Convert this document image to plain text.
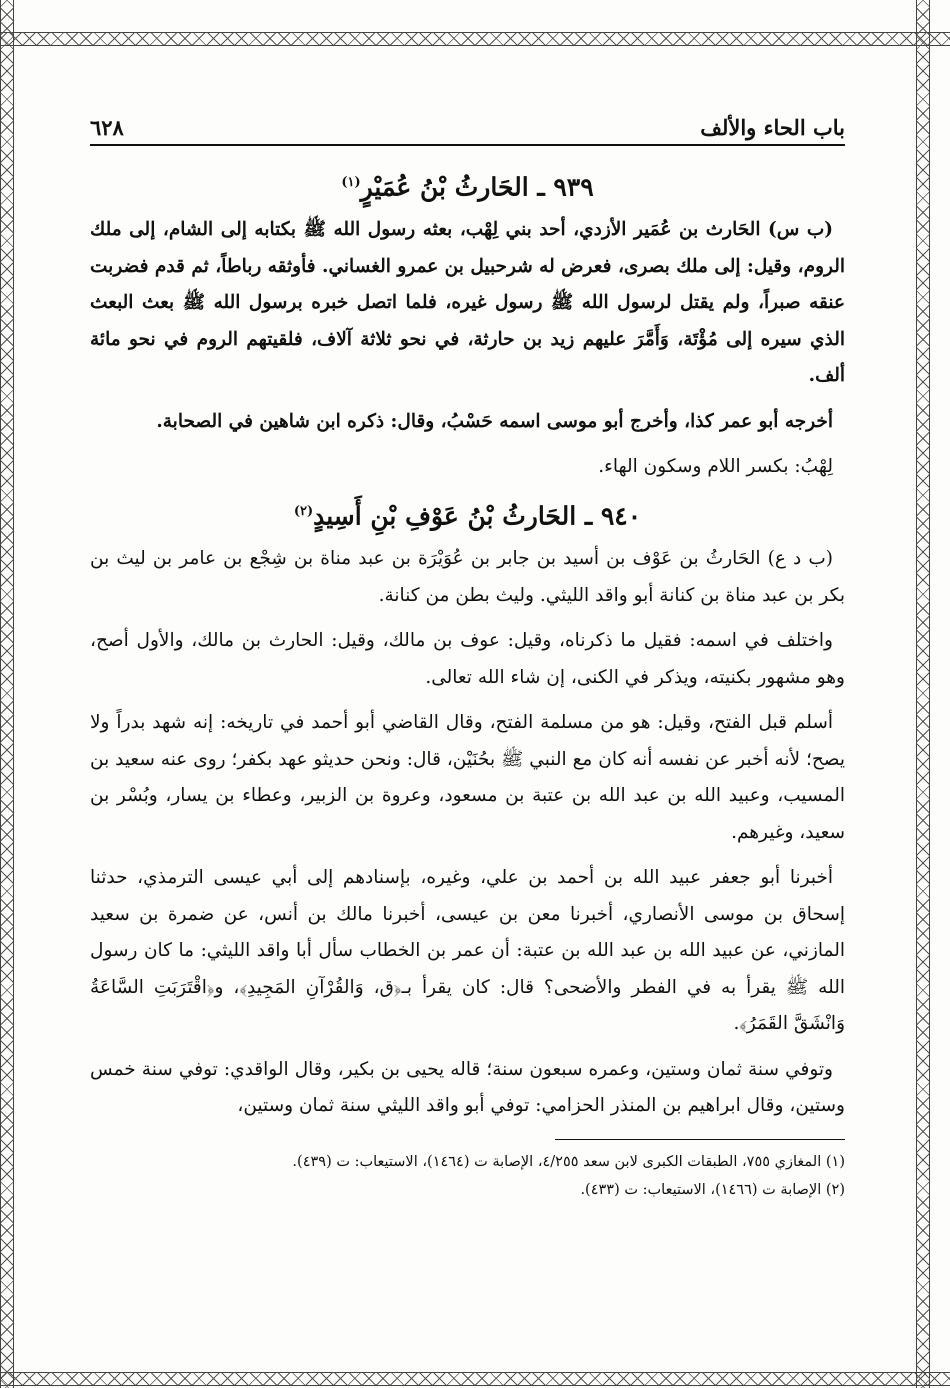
باب الحاء والألف
٦٢٨
٩٣٩ ـ الحَارثُ بْنُ عُمَيْرٍ$^{(١)}$

(ب س) الحَارث بن عُمَير الأزدي، أحد بني لِهْب، بعثه رسول الله ﷺ بكتابه إلى الشام، إلى ملك الروم، وقيل: إلى ملك بصرى، فعرض له شرحبيل بن عمرو الغساني. فأوثقه رباطاً، ثم قدم فضربت عنقه صبراً، ولم يقتل لرسول الله ﷺ رسول غيره، فلما اتصل خبره برسول الله ﷺ بعث البعث الذي سيره إلى مُؤْتَة، وَأَمَّرَ عليهم زيد بن حارثة، في نحو ثلاثة آلاف، فلقيتهم الروم في نحو مائة ألف.

أخرجه أبو عمر كذا، وأخرج أبو موسى اسمه حَسْبُ، وقال: ذكره ابن شاهين في الصحابة.

لِهْبُ: بكسر اللام وسكون الهاء.

٩٤٠ ـ الحَارثُ بْنُ عَوْفِ بْنِ أَسِيدٍ$^{(٢)}$

(ب د ع) الحَارثُ بن عَوْف بن أسيد بن جابر بن عُوَيْرَة بن عبد مناة بن شِجْع بن عامر بن ليث بن بكر بن عبد مناة بن كنانة أبو واقد الليثي. وليث بطن من كنانة.

واختلف في اسمه: فقيل ما ذكرناه، وقيل: عوف بن مالك، وقيل: الحارث بن مالك، والأول أصح، وهو مشهور بكنيته، ويذكر في الكنى، إن شاء الله تعالى.

أسلم قبل الفتح، وقيل: هو من مسلمة الفتح، وقال القاضي أبو أحمد في تاريخه: إنه شهد بدراً ولا يصح؛ لأنه أخبر عن نفسه أنه كان مع النبي ﷺ بحُنَيْن، قال: ونحن حديثو عهد بكفر؛ روى عنه سعيد بن المسيب، وعبيد الله بن عبد الله بن عتبة بن مسعود، وعروة بن الزبير، وعطاء بن يسار، وبُسْر بن سعيد، وغيرهم.

أخبرنا أبو جعفر عبيد الله بن أحمد بن علي، وغيره، بإسنادهم إلى أبي عيسى الترمذي، حدثنا إسحاق بن موسى الأنصاري، أخبرنا معن بن عيسى، أخبرنا مالك بن أنس، عن ضمرة بن سعيد المازني، عن عبيد الله بن عبد الله بن عتبة: أن عمر بن الخطاب سأل أبا واقد الليثي: ما كان رسول الله ﷺ يقرأ به في الفطر والأضحى؟ قال: كان يقرأ بـ﴿ق، وَالقُرْآنِ المَجِيدِ﴾، و﴿اقْتَرَبَتِ السَّاعَةُ وَانْشَقَّ القَمَرُ﴾.

وتوفي سنة ثمان وستين، وعمره سبعون سنة؛ قاله يحيى بن بكير، وقال الواقدي: توفي سنة خمس وستين، وقال ابراهيم بن المنذر الحزامي: توفي أبو واقد الليثي سنة ثمان وستين،

(١) المغازي ٧٥٥، الطبقات الكبرى لابن سعد ٤/٢٥٥، الإصابة ت (١٤٦٤)، الاستيعاب: ت (٤٣٩).

(٢) الإصابة ت (١٤٦٦)، الاستيعاب: ت (٤٣٣).
